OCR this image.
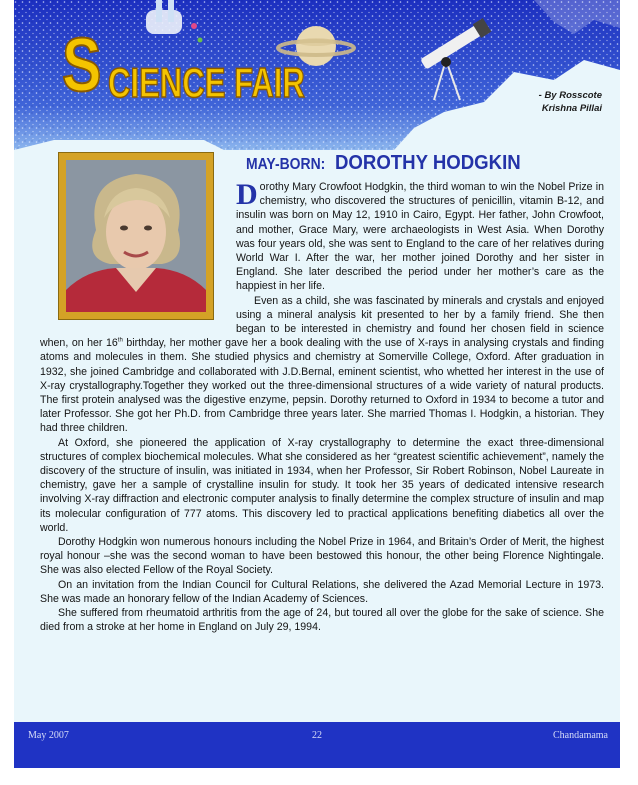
S CIENCE FAIR	- By Rosscote
Krishna Pillai
MAY-BORN: DOROTHY HODGKIN

Dorothy Mary Crowfoot Hodgkin, the third woman to win the Nobel Prize in chemistry, who discovered the structures of penicillin, vitamin B-12, and insulin was born on May 12, 1910 in Cairo, Egypt. Her father, John Crowfoot, and mother, Grace Mary, were archaeologists in West Asia. When Dorothy was four years old, she was sent to England to the care of her relatives during World War I. After the war, her mother joined Dorothy and her sister in England. She later described the period under her mother’s care as the happiest in her life.

Even as a child, she was fascinated by minerals and crystals and enjoyed using a mineral analysis kit presented to her by a family friend. She then began to be interested in chemistry and found her chosen field in science when, on her 16th birthday, her mother gave her a book dealing with the use of X-rays in analysing crystals and finding atoms and molecules in them. She studied physics and chemistry at Somerville College, Oxford. After graduation in 1932, she joined Cambridge and collaborated with J.D.Bernal, eminent scientist, who whetted her interest in the use of X-ray crystallography.Together they worked out the three-dimensional structures of a wide variety of natural products. The first protein analysed was the digestive enzyme, pepsin. Dorothy returned to Oxford in 1934 to become a tutor and later Professor. She got her Ph.D. from Cambridge three years later. She married Thomas I. Hodgkin, a historian. They had three children.

At Oxford, she pioneered the application of X-ray crystallography to determine the exact three-dimensional structures of complex biochemical molecules. What she considered as her “greatest scientific achievement”, namely the discovery of the structure of insulin, was initiated in 1934, when her Professor, Sir Robert Robinson, Nobel Laureate in chemistry, gave her a sample of crystalline insulin for study. It took her 35 years of dedicated intensive research involving X-ray diffraction and electronic computer analysis to finally determine the complex structure of insulin and map its molecular configuration of 777 atoms. This discovery led to practical applications benefiting diabetics all over the world.

Dorothy Hodgkin won numerous honours including the Nobel Prize in 1964, and Britain’s Order of Merit, the highest royal honour –she was the second woman to have been bestowed this honour, the other being Florence Nightingale. She was also elected Fellow of the Royal Society.

On an invitation from the Indian Council for Cultural Relations, she delivered the Azad Memorial Lecture in 1973. She was made an honorary fellow of the Indian Academy of Sciences.

She suffered from rheumatoid arthritis from the age of 24, but toured all over the globe for the sake of science. She died from a stroke at her home in England on July 29, 1994.

May 2007	22	Chandamama
